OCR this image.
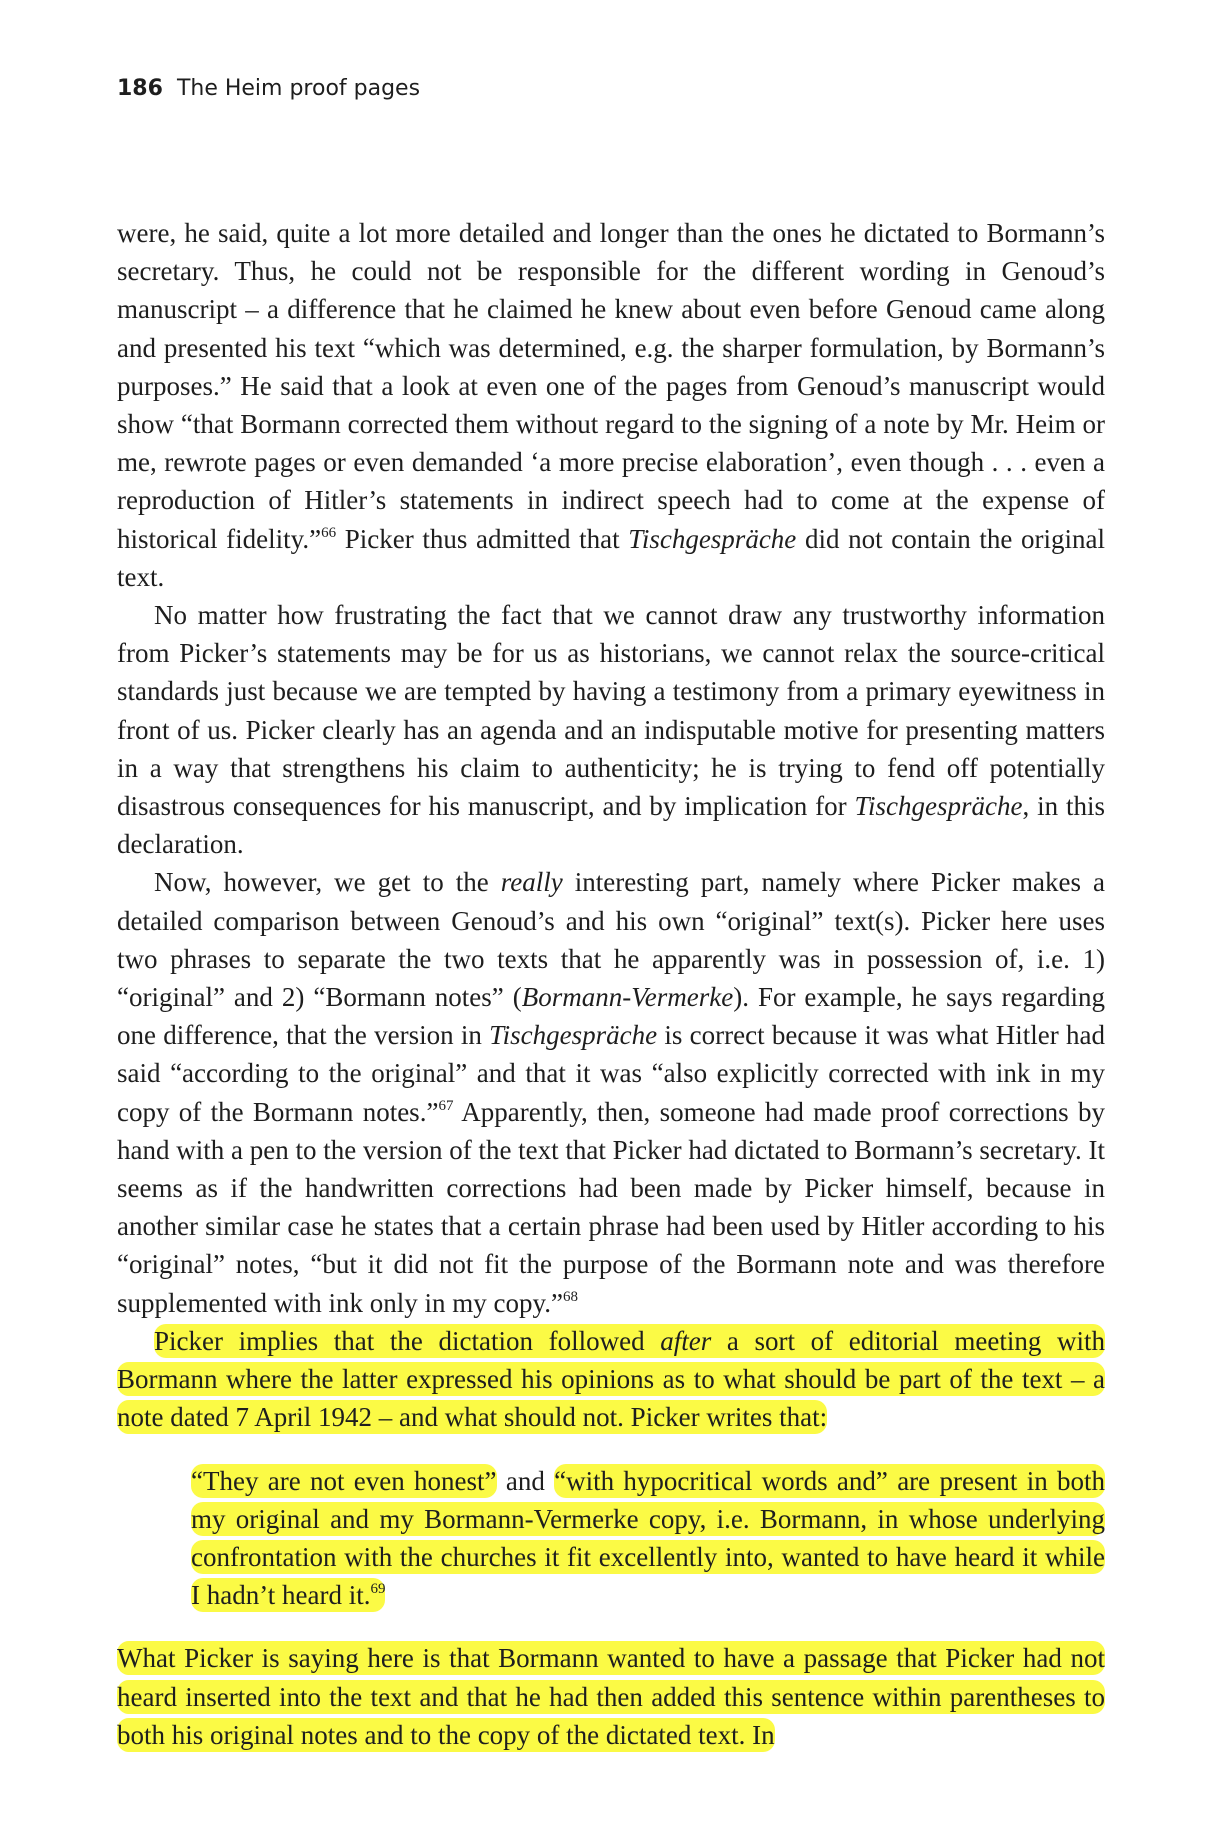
186 The Heim proof pages

were, he said, quite a lot more detailed and longer than the ones he dictated to Bormann’s secretary. Thus, he could not be responsible for the different wording in Genoud’s manuscript – a difference that he claimed he knew about even before Genoud came along and presented his text “which was determined, e.g. the sharper formulation, by Bormann’s purposes.” He said that a look at even one of the pages from Genoud’s manuscript would show “that Bormann corrected them without regard to the signing of a note by Mr. Heim or me, rewrote pages or even demanded ‘a more precise elaboration’, even though . . . even a reproduction of Hitler’s statements in indirect speech had to come at the expense of historical fidelity.”$^{66}$ Picker thus admitted that Tischgespräche did not contain the original text.

No matter how frustrating the fact that we cannot draw any trustworthy information from Picker’s statements may be for us as historians, we cannot relax the source-critical standards just because we are tempted by having a testimony from a primary eyewitness in front of us. Picker clearly has an agenda and an indisputable motive for presenting matters in a way that strengthens his claim to authenticity; he is trying to fend off potentially disastrous consequences for his manuscript, and by implication for Tischgespräche, in this declaration.

Now, however, we get to the really interesting part, namely where Picker makes a detailed comparison between Genoud’s and his own “original” text(s). Picker here uses two phrases to separate the two texts that he apparently was in possession of, i.e. 1) “original” and 2) “Bormann notes” (Bormann-Vermerke). For example, he says regarding one difference, that the version in Tischgespräche is correct because it was what Hitler had said “according to the original” and that it was “also explicitly corrected with ink in my copy of the Bormann notes.”$^{67}$ Apparently, then, someone had made proof corrections by hand with a pen to the version of the text that Picker had dictated to Bormann’s secretary. It seems as if the handwritten corrections had been made by Picker himself, because in another similar case he states that a certain phrase had been used by Hitler according to his “original” notes, “but it did not fit the purpose of the Bormann note and was therefore supplemented with ink only in my copy.”$^{68}$

Picker implies that the dictation followed after a sort of editorial meeting with Bormann where the latter expressed his opinions as to what should be part of the text – a note dated 7 April 1942 – and what should not. Picker writes that:

“They are not even honest” and “with hypocritical words and” are present in both my original and my Bormann-Vermerke copy, i.e. Bormann, in whose underlying confrontation with the churches it fit excellently into, wanted to have heard it while I hadn’t heard it.$^{69}$

What Picker is saying here is that Bormann wanted to have a passage that Picker had not heard inserted into the text and that he had then added this sentence within parentheses to both his original notes and to the copy of the dictated text. In
